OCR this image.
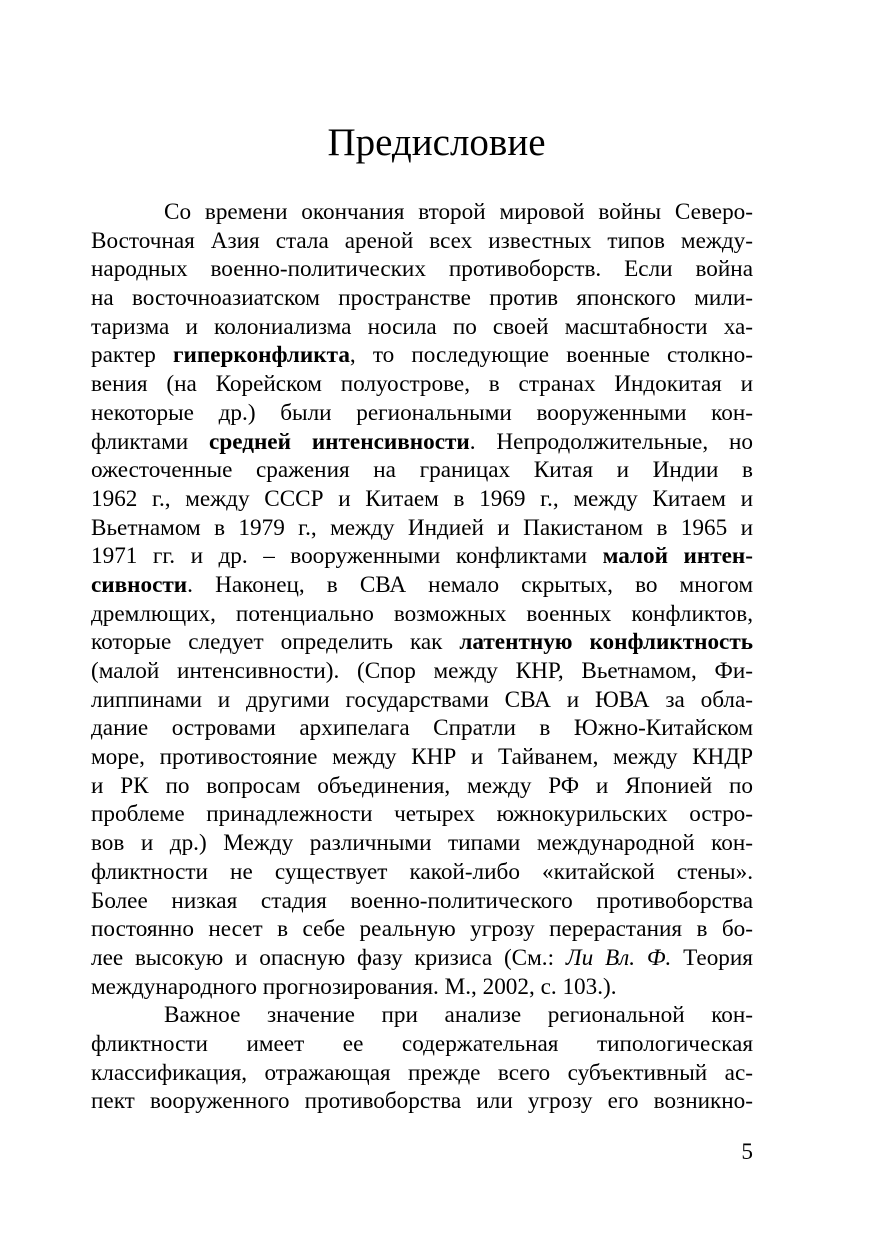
Предисловие

Со времени окончания второй мировой войны Северо-
Восточная Азия стала ареной всех известных типов между-
народных военно-политических противоборств. Если война
на восточноазиатском пространстве против японского мили-
таризма и колониализма носила по своей масштабности ха-
рактер гиперконфликта, то последующие военные столкно-
вения (на Корейском полуострове, в странах Индокитая и
некоторые др.) были региональными вооруженными кон-
фликтами средней интенсивности. Непродолжительные, но
ожесточенные сражения на границах Китая и Индии в
1962 г., между СССР и Китаем в 1969 г., между Китаем и
Вьетнамом в 1979 г., между Индией и Пакистаном в 1965 и
1971 гг. и др. – вооруженными конфликтами малой интен-
сивности. Наконец, в СВА немало скрытых, во многом
дремлющих, потенциально возможных военных конфликтов,
которые следует определить как латентную конфликтность
(малой интенсивности). (Спор между КНР, Вьетнамом, Фи-
липпинами и другими государствами СВА и ЮВА за обла-
дание островами архипелага Спратли в Южно-Китайском
море, противостояние между КНР и Тайванем, между КНДР
и РК по вопросам объединения, между РФ и Японией по
проблеме принадлежности четырех южнокурильских остро-
вов и др.) Между различными типами международной кон-
фликтности не существует какой-либо «китайской стены».
Более низкая стадия военно-политического противоборства
постоянно несет в себе реальную угрозу перерастания в бо-
лее высокую и опасную фазу кризиса (См.: Ли Вл. Ф. Теория
международного прогнозирования. М., 2002, с. 103.).

Важное значение при анализе региональной кон-
фликтности имеет ее содержательная типологическая
классификация, отражающая прежде всего субъективный ас-
пект вооруженного противоборства или угрозу его возникно-

5
